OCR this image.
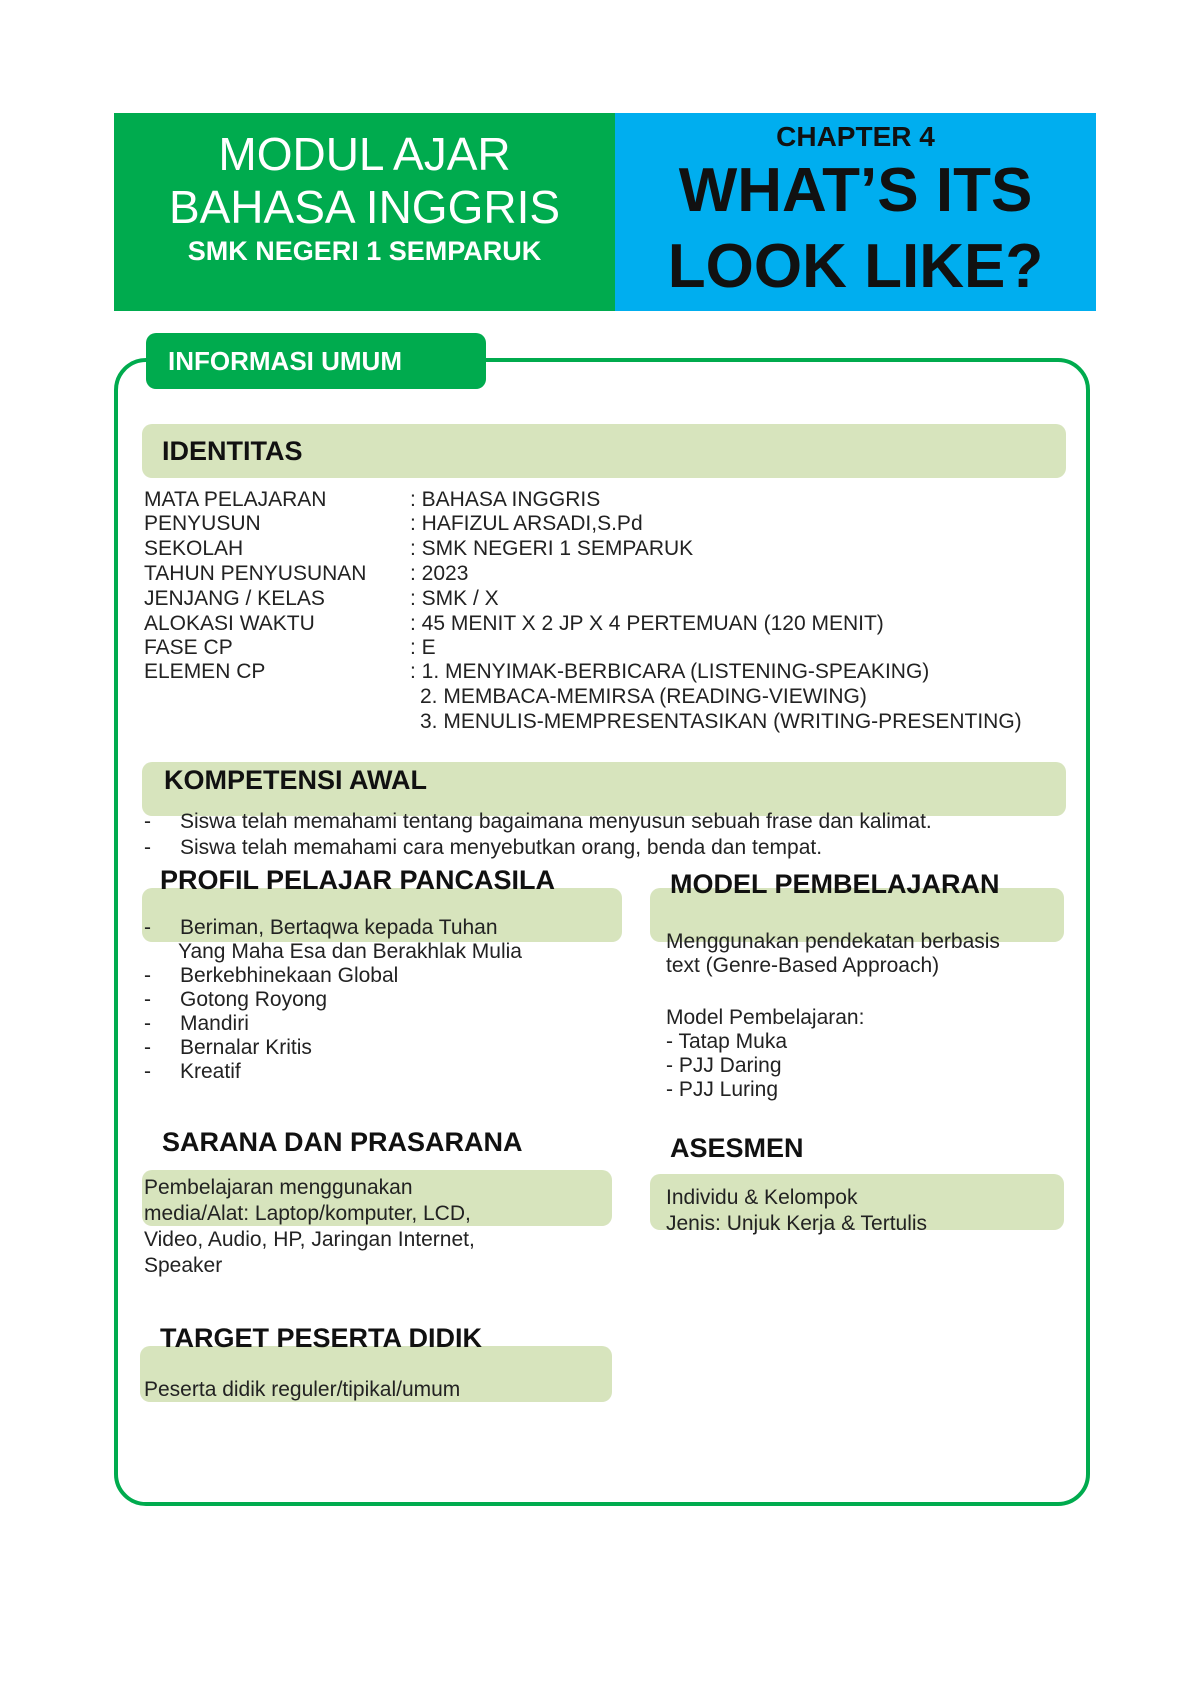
MODUL AJAR
BAHASA INGGRIS
SMK NEGERI 1 SEMPARUK
CHAPTER 4
WHAT’S ITS
LOOK LIKE?
INFORMASI UMUM
IDENTITAS
MATA PELAJARAN	: BAHASA INGGRIS
PENYUSUN	: HAFIZUL ARSADI,S.Pd
SEKOLAH	: SMK NEGERI 1 SEMPARUK
TAHUN PENYUSUNAN : 2023
JENJANG / KELAS	: SMK / X
ALOKASI WAKTU	: 45 MENIT X 2 JP X 4 PERTEMUAN (120 MENIT)
FASE CP	: E
ELEMEN CP	: 1. MENYIMAK-BERBICARA (LISTENING-SPEAKING)
2. MEMBACA-MEMIRSA (READING-VIEWING)
3. MENULIS-MEMPRESENTASIKAN (WRITING-PRESENTING)
KOMPETENSI AWAL
- Siswa telah memahami tentang bagaimana menyusun sebuah frase dan kalimat.
- Siswa telah memahami cara menyebutkan orang, benda dan tempat.
PROFIL PELAJAR PANCASILA
- Beriman, Bertaqwa kepada Tuhan
Yang Maha Esa dan Berakhlak Mulia
- Berkebhinekaan Global
- Gotong Royong
- Mandiri
- Bernalar Kritis
- Kreatif
MODEL PEMBELAJARAN
Menggunakan pendekatan berbasis
text (Genre-Based Approach)
Model Pembelajaran:
- Tatap Muka
- PJJ Daring
- PJJ Luring
SARANA DAN PRASARANA
Pembelajaran menggunakan
media/Alat: Laptop/komputer, LCD,
Video, Audio, HP, Jaringan Internet,
Speaker
ASESMEN
Individu & Kelompok
Jenis: Unjuk Kerja & Tertulis
TARGET PESERTA DIDIK
Peserta didik reguler/tipikal/umum
